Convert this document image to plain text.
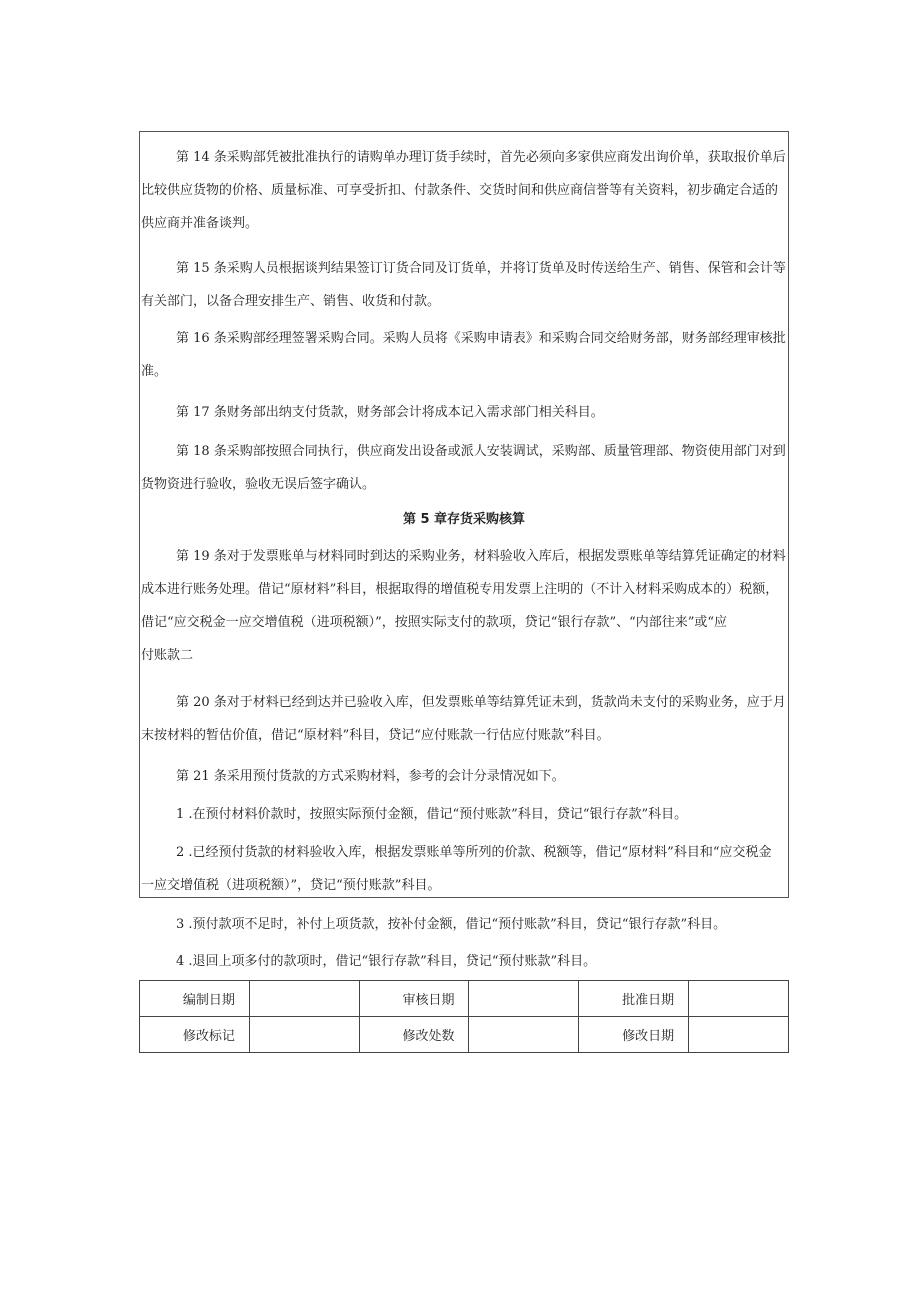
第 14 条采购部凭被批准执行的请购单办理订货手续时，首先必须向多家供应商发出询价单，获取报价单后
比较供应货物的价格、质量标准、可享受折扣、付款条件、交货时间和供应商信誉等有关资料，初步确定合适的
供应商并准备谈判。
第 15 条采购人员根据谈判结果签订订货合同及订货单，并将订货单及时传送给生产、销售、保管和会计等
有关部门，以备合理安排生产、销售、收货和付款。
第 16 条采购部经理签署采购合同。采购人员将《采购申请表》和采购合同交给财务部，财务部经理审核批
准。
第 17 条财务部出纳支付货款，财务部会计将成本记入需求部门相关科目。
第 18 条采购部按照合同执行，供应商发出设备或派人安装调试，采购部、质量管理部、物资使用部门对到
货物资进行验收，验收无误后签字确认。
第 5 章存货采购核算
第 19 条对于发票账单与材料同时到达的采购业务，材料验收入库后，根据发票账单等结算凭证确定的材料
成本进行账务处理。借记“原材料”科目，根据取得的增值税专用发票上注明的（不计入材料采购成本的）税额，
借记“应交税金一应交增值税（进项税额）”，按照实际支付的款项，贷记“银行存款”、“内部往来”或“应
付账款二
第 20 条对于材料已经到达并已验收入库，但发票账单等结算凭证未到，货款尚未支付的采购业务，应于月
末按材料的暂估价值，借记“原材料”科目，贷记“应付账款一行估应付账款”科目。
第 21 条采用预付货款的方式采购材料，参考的会计分录情况如下。
1 .在预付材料价款时，按照实际预付金额，借记“预付账款”科目，贷记“银行存款”科目。
2 .已经预付货款的材料验收入库，根据发票账单等所列的价款、税额等，借记“原材料”科目和“应交税金
一应交增值税（进项税额）”，贷记“预付账款”科目。
3 .预付款项不足时，补付上项货款，按补付金额，借记“预付账款”科目，贷记“银行存款”科目。
4 .退回上项多付的款项时，借记“银行存款”科目，贷记“预付账款”科目。
编制日期		审核日期		批准日期	
修改标记		修改处数		修改日期	
